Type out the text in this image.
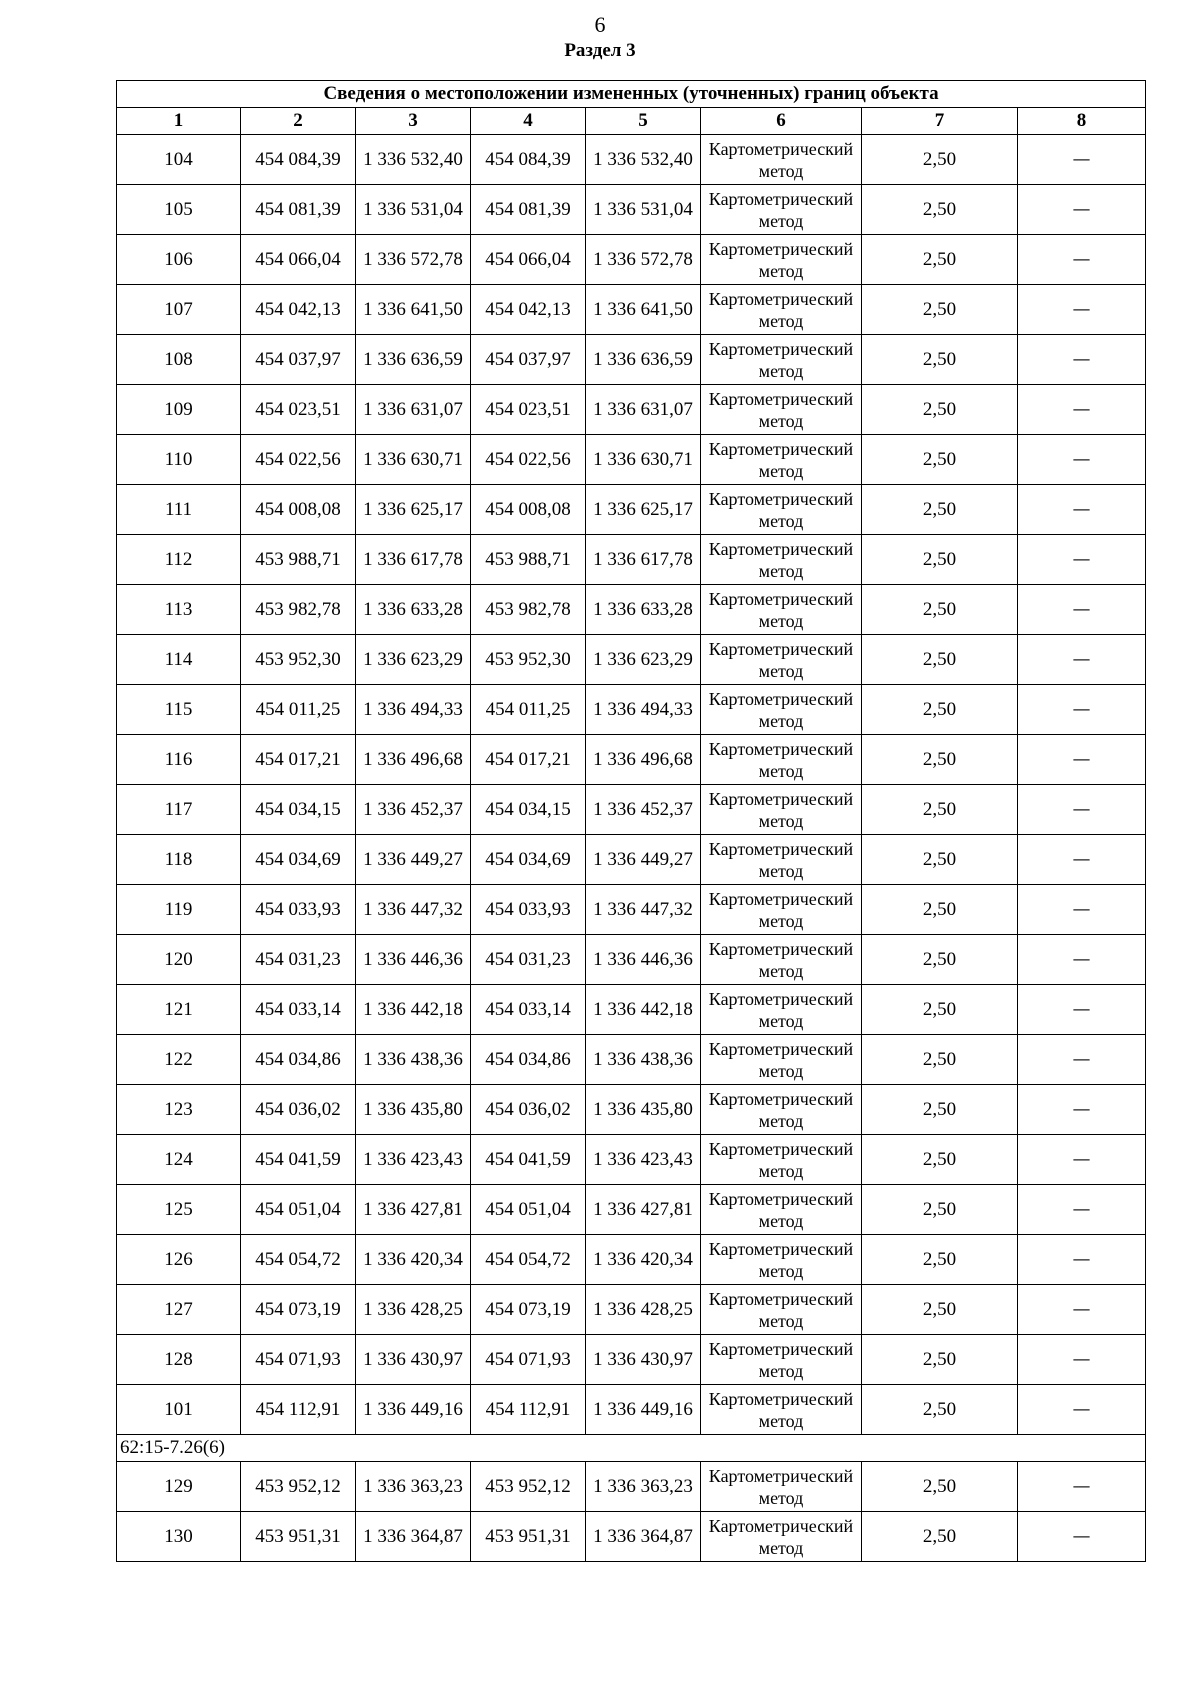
6
Раздел 3
Сведения о местоположении измененных (уточненных) границ объекта							
1	2	3	4	5	6	7	8
104	454 084,39	1 336 532,40	454 084,39	1 336 532,40	Картометрический метод	2,50	—
105	454 081,39	1 336 531,04	454 081,39	1 336 531,04	Картометрический метод	2,50	—
106	454 066,04	1 336 572,78	454 066,04	1 336 572,78	Картометрический метод	2,50	—
107	454 042,13	1 336 641,50	454 042,13	1 336 641,50	Картометрический метод	2,50	—
108	454 037,97	1 336 636,59	454 037,97	1 336 636,59	Картометрический метод	2,50	—
109	454 023,51	1 336 631,07	454 023,51	1 336 631,07	Картометрический метод	2,50	—
110	454 022,56	1 336 630,71	454 022,56	1 336 630,71	Картометрический метод	2,50	—
111	454 008,08	1 336 625,17	454 008,08	1 336 625,17	Картометрический метод	2,50	—
112	453 988,71	1 336 617,78	453 988,71	1 336 617,78	Картометрический метод	2,50	—
113	453 982,78	1 336 633,28	453 982,78	1 336 633,28	Картометрический метод	2,50	—
114	453 952,30	1 336 623,29	453 952,30	1 336 623,29	Картометрический метод	2,50	—
115	454 011,25	1 336 494,33	454 011,25	1 336 494,33	Картометрический метод	2,50	—
116	454 017,21	1 336 496,68	454 017,21	1 336 496,68	Картометрический метод	2,50	—
117	454 034,15	1 336 452,37	454 034,15	1 336 452,37	Картометрический метод	2,50	—
118	454 034,69	1 336 449,27	454 034,69	1 336 449,27	Картометрический метод	2,50	—
119	454 033,93	1 336 447,32	454 033,93	1 336 447,32	Картометрический метод	2,50	—
120	454 031,23	1 336 446,36	454 031,23	1 336 446,36	Картометрический метод	2,50	—
121	454 033,14	1 336 442,18	454 033,14	1 336 442,18	Картометрический метод	2,50	—
122	454 034,86	1 336 438,36	454 034,86	1 336 438,36	Картометрический метод	2,50	—
123	454 036,02	1 336 435,80	454 036,02	1 336 435,80	Картометрический метод	2,50	—
124	454 041,59	1 336 423,43	454 041,59	1 336 423,43	Картометрический метод	2,50	—
125	454 051,04	1 336 427,81	454 051,04	1 336 427,81	Картометрический метод	2,50	—
126	454 054,72	1 336 420,34	454 054,72	1 336 420,34	Картометрический метод	2,50	—
127	454 073,19	1 336 428,25	454 073,19	1 336 428,25	Картометрический метод	2,50	—
128	454 071,93	1 336 430,97	454 071,93	1 336 430,97	Картометрический метод	2,50	—
101	454 112,91	1 336 449,16	454 112,91	1 336 449,16	Картометрический метод	2,50	—
62:15-7.26(6)							
129	453 952,12	1 336 363,23	453 952,12	1 336 363,23	Картометрический метод	2,50	—
130	453 951,31	1 336 364,87	453 951,31	1 336 364,87	Картометрический метод	2,50	—
